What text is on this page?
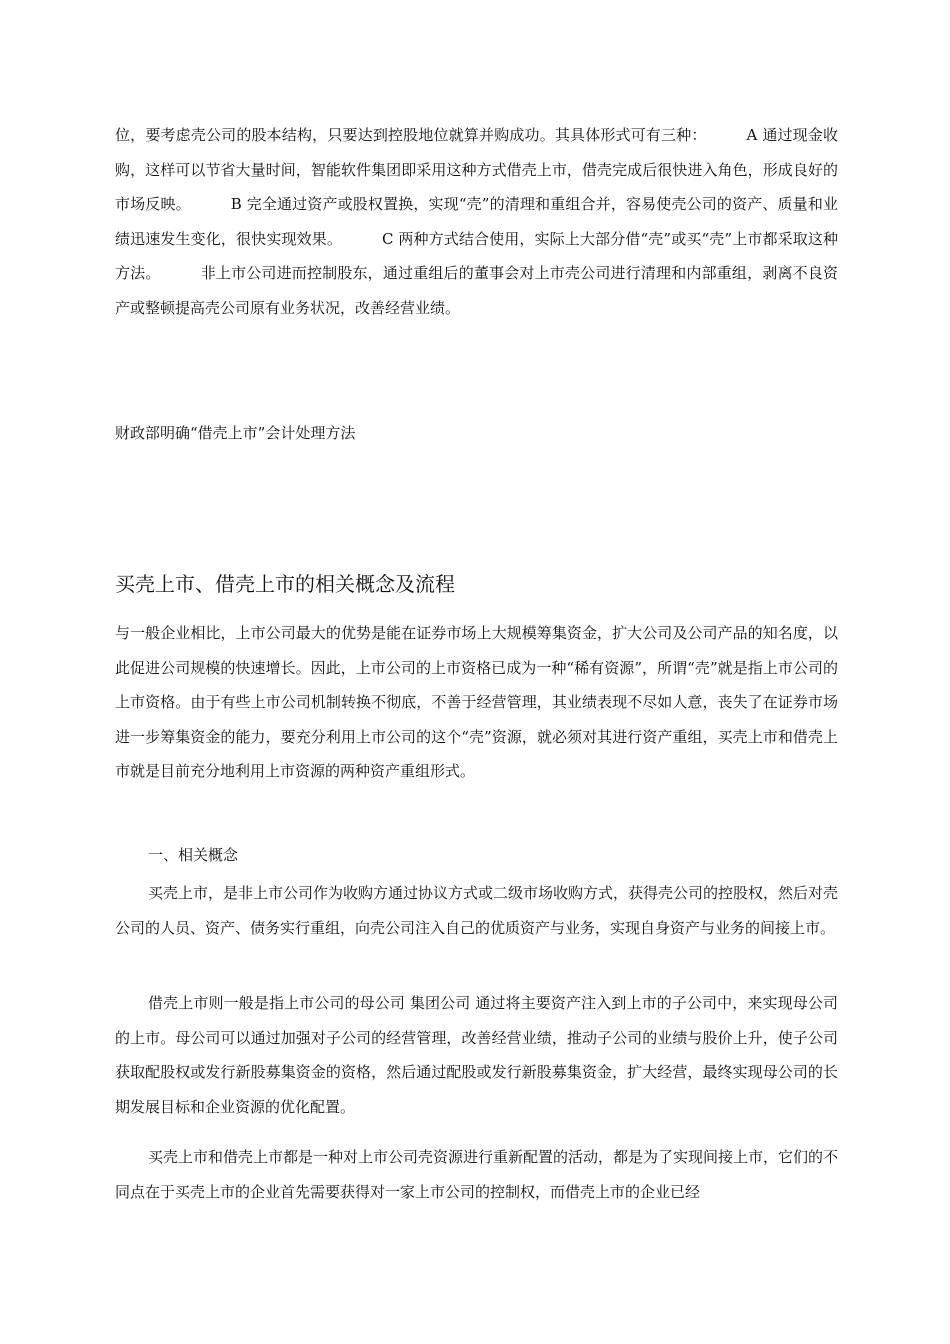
位，要考虑壳公司的股本结构，只要达到控股地位就算并购成功。其具体形式可有三种：	A 通过现金收购，这样可以节省大量时间，智能软件集团即采用这种方式借壳上市，借壳完成后很快进入角色，形成良好的市场反映。	B 完全通过资产或股权置换，实现“壳”的清理和重组合并，容易使壳公司的资产、质量和业绩迅速发生变化，很快实现效果。	C 两种方式结合使用，实际上大部分借“壳”或买“壳”上市都采取这种方法。	非上市公司进而控制股东，通过重组后的董事会对上市壳公司进行清理和内部重组，剥离不良资产或整顿提高壳公司原有业务状况，改善经营业绩。

财政部明确“借壳上市”会计处理方法

买壳上市、借壳上市的相关概念及流程

与一般企业相比，上市公司最大的优势是能在证券市场上大规模筹集资金，扩大公司及公司产品的知名度，以此促进公司规模的快速增长。因此，上市公司的上市资格已成为一种“稀有资源”，所谓“壳”就是指上市公司的上市资格。由于有些上市公司机制转换不彻底，不善于经营管理，其业绩表现不尽如人意，丧失了在证券市场进一步筹集资金的能力，要充分利用上市公司的这个“壳”资源，就必须对其进行资产重组，买壳上市和借壳上市就是目前充分地利用上市资源的两种资产重组形式。

一、相关概念

买壳上市，是非上市公司作为收购方通过协议方式或二级市场收购方式，获得壳公司的控股权，然后对壳公司的人员、资产、债务实行重组，向壳公司注入自己的优质资产与业务，实现自身资产与业务的间接上市。

借壳上市则一般是指上市公司的母公司 集团公司 通过将主要资产注入到上市的子公司中，来实现母公司的上市。母公司可以通过加强对子公司的经营管理，改善经营业绩，推动子公司的业绩与股价上升，使子公司获取配股权或发行新股募集资金的资格，然后通过配股或发行新股募集资金，扩大经营，最终实现母公司的长期发展目标和企业资源的优化配置。

买壳上市和借壳上市都是一种对上市公司壳资源进行重新配置的活动，都是为了实现间接上市，它们的不同点在于买壳上市的企业首先需要获得对一家上市公司的控制权，而借壳上市的企业已经
